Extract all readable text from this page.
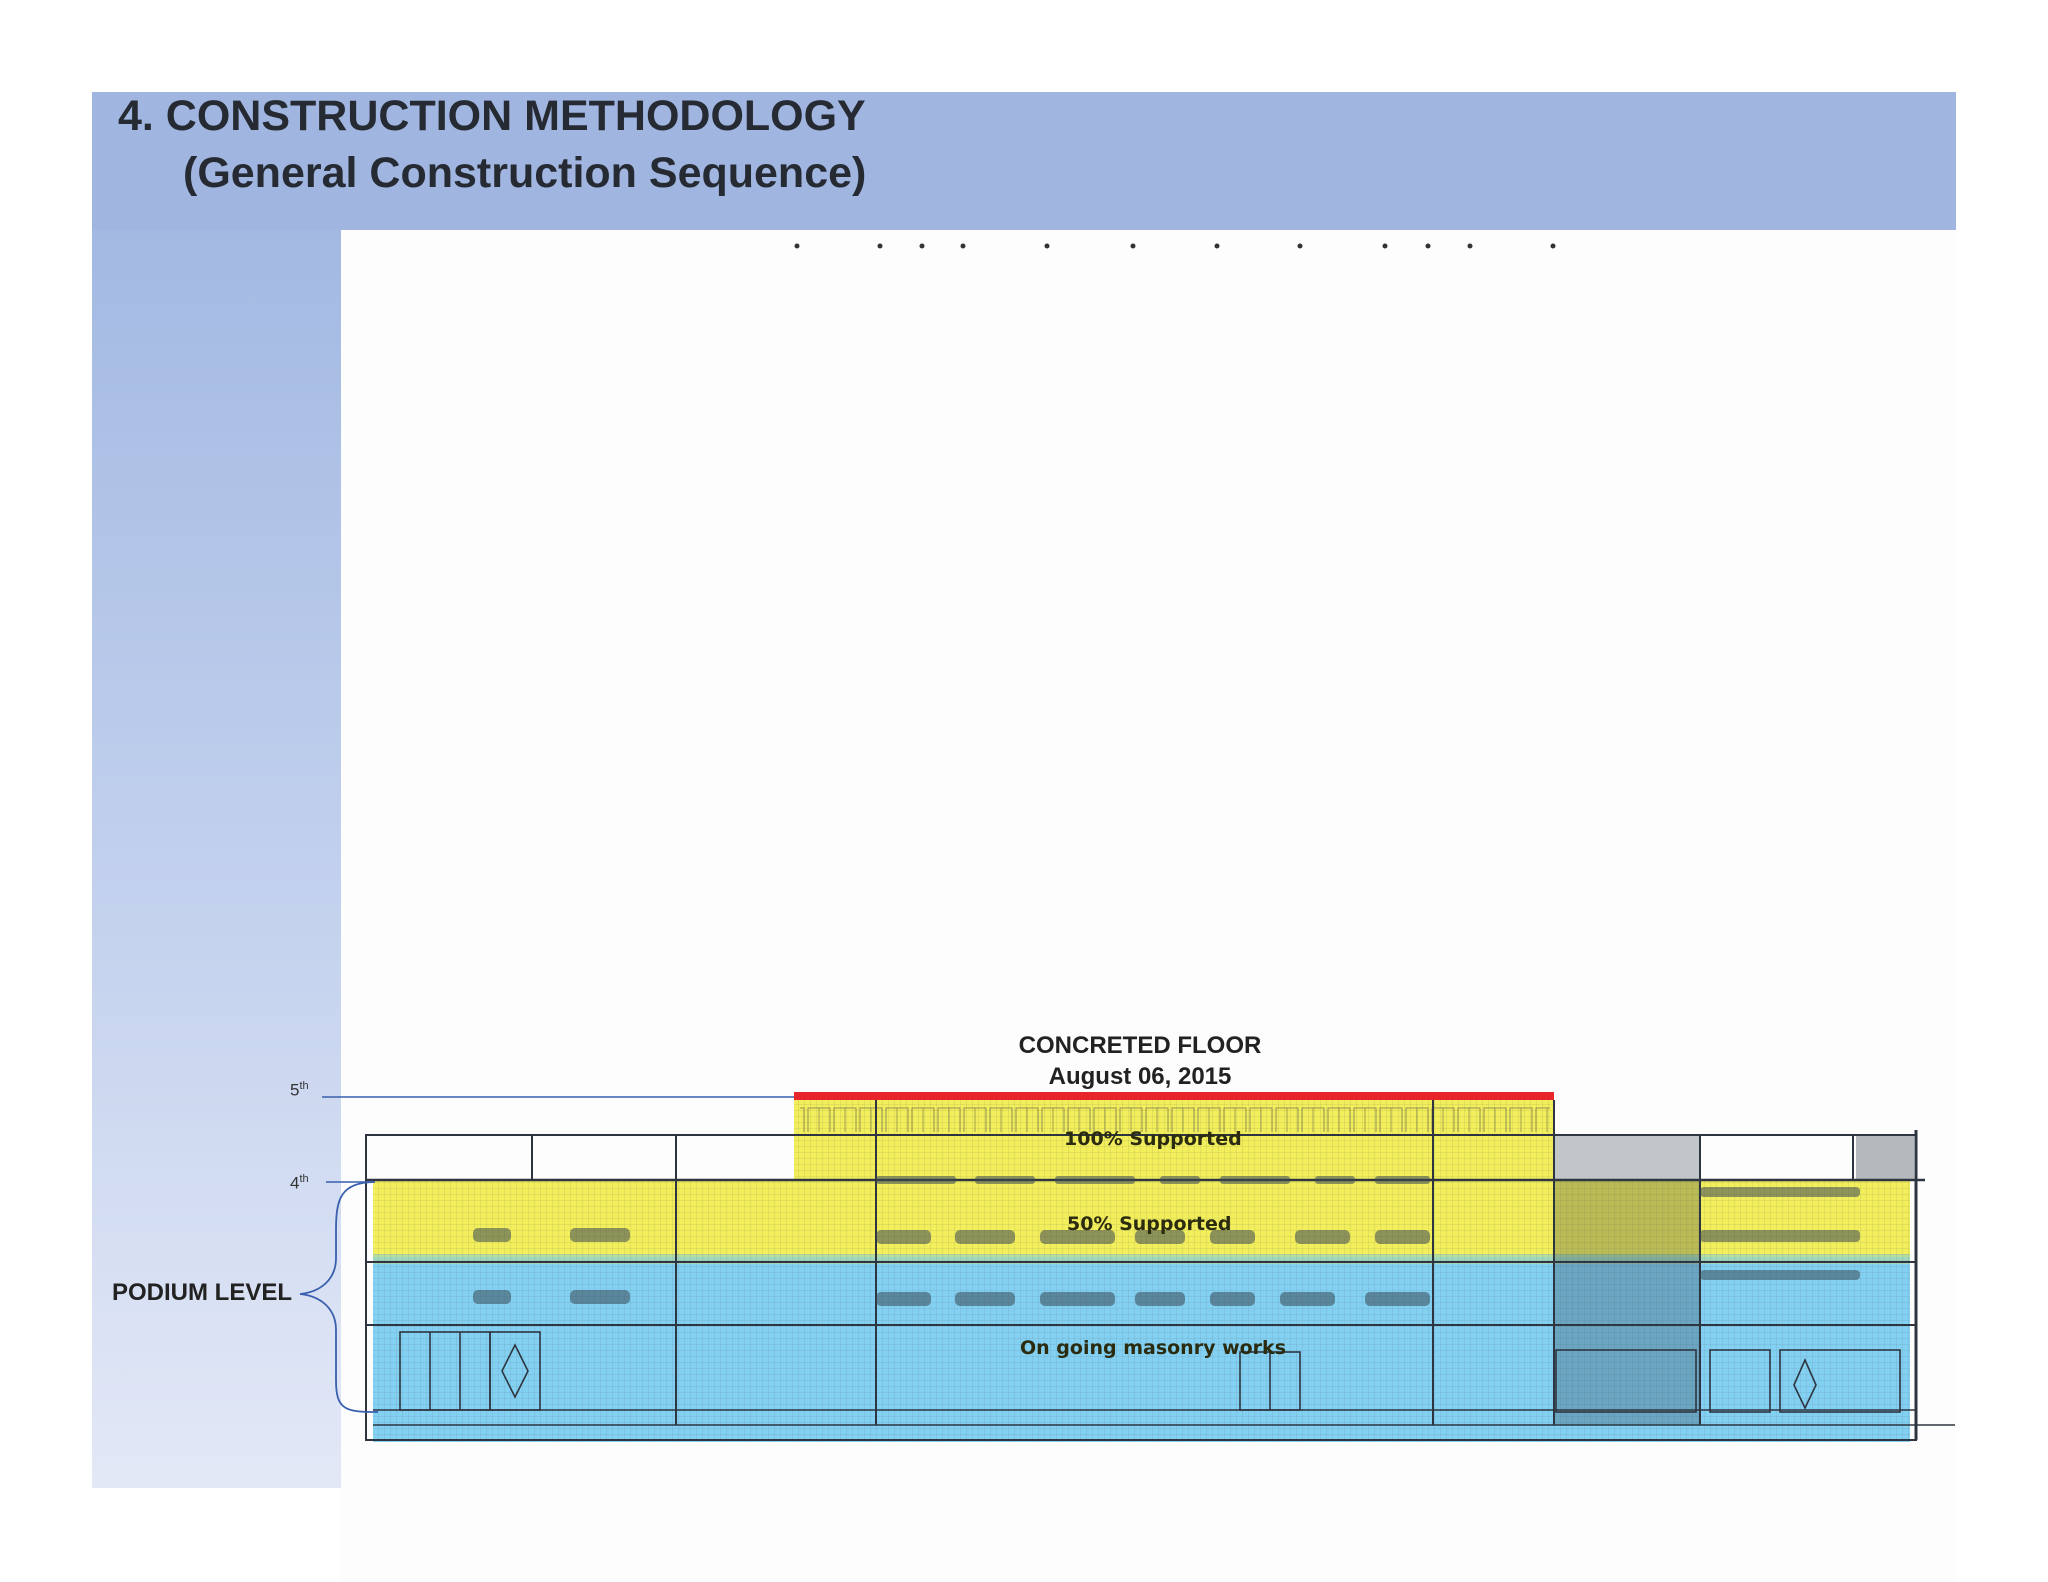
4. CONSTRUCTION METHODOLOGY
(General Construction Sequence)
CONCRETED FLOOR
August 06, 2015
5th
4th
PODIUM LEVEL
100% Supported
50% Supported
On going masonry works
